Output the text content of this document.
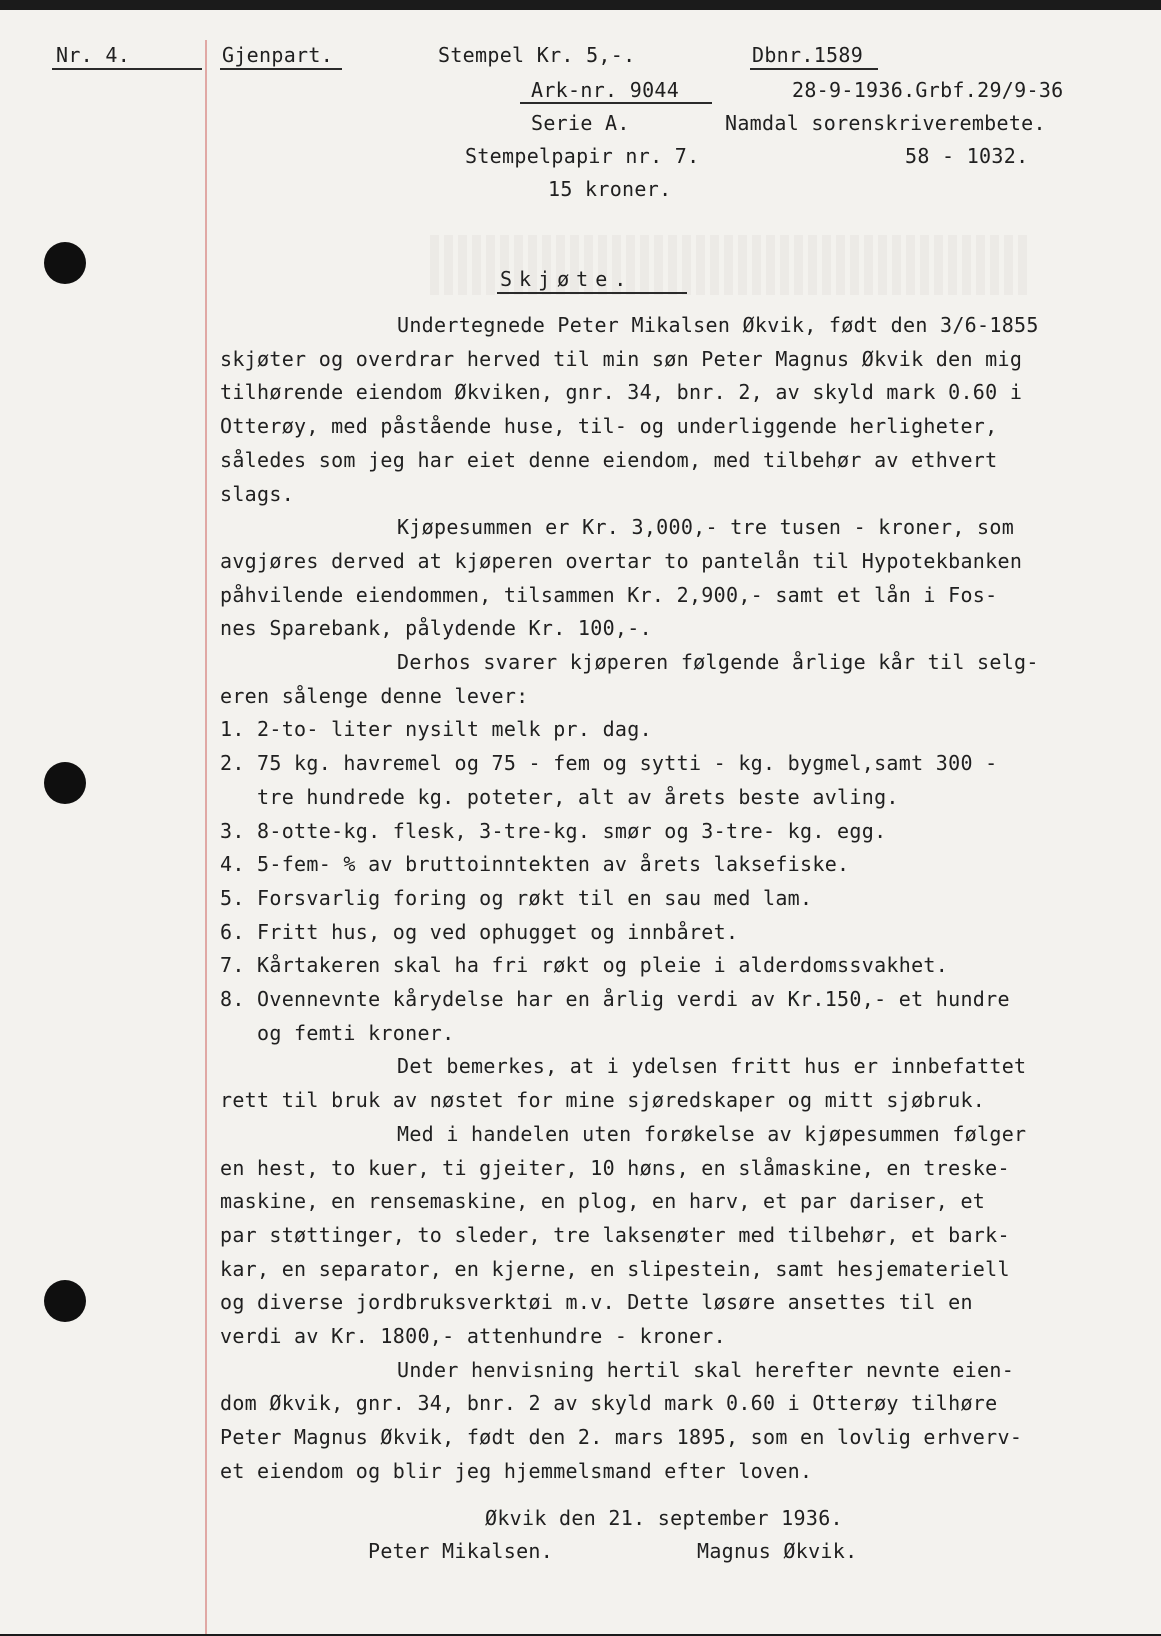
Nr. 4.	Gjenpart.	Stempel Kr. 5,-.	Dbnr.1589
Ark-nr. 9044	28-9-1936.Grbf.29/9-36
Serie A.	Namdal sorenskriverembete.
Stempelpapir nr. 7.	58 - 1032.
15 kroner.
Skjøte.
Undertegnede Peter Mikalsen Økvik, født den 3/6-1855
skjøter og overdrar herved til min søn Peter Magnus Økvik den mig
tilhørende eiendom Økviken, gnr. 34, bnr. 2, av skyld mark 0.60 i
Otterøy, med påstående huse, til- og underliggende herligheter,
således som jeg har eiet denne eiendom, med tilbehør av ethvert
slags.
Kjøpesummen er Kr. 3,000,- tre tusen - kroner, som
avgjøres derved at kjøperen overtar to pantelån til Hypotekbanken
påhvilende eiendommen, tilsammen Kr. 2,900,- samt et lån i Fos-
nes Sparebank, pålydende Kr. 100,-.
Derhos svarer kjøperen følgende årlige kår til selg-
eren sålenge denne lever:
1. 2-to- liter nysilt melk pr. dag.
2. 75 kg. havremel og 75 - fem og sytti - kg. bygmel,samt 300 -
tre hundrede kg. poteter, alt av årets beste avling.
3. 8-otte-kg. flesk, 3-tre-kg. smør og 3-tre- kg. egg.
4. 5-fem- % av bruttoinntekten av årets laksefiske.
5. Forsvarlig foring og røkt til en sau med lam.
6. Fritt hus, og ved ophugget og innbåret.
7. Kårtakeren skal ha fri røkt og pleie i alderdomssvakhet.
8. Ovennevnte kårydelse har en årlig verdi av Kr.150,- et hundre
og femti kroner.
Det bemerkes, at i ydelsen fritt hus er innbefattet
rett til bruk av nøstet for mine sjøredskaper og mitt sjøbruk.
Med i handelen uten forøkelse av kjøpesummen følger
en hest, to kuer, ti gjeiter, 10 høns, en slåmaskine, en treske-
maskine, en rensemaskine, en plog, en harv, et par dariser, et
par støttinger, to sleder, tre laksenøter med tilbehør, et bark-
kar, en separator, en kjerne, en slipestein, samt hesjemateriell
og diverse jordbruksverktøi m.v. Dette løsøre ansettes til en
verdi av Kr. 1800,- attenhundre - kroner.
Under henvisning hertil skal herefter nevnte eien-
dom Økvik, gnr. 34, bnr. 2 av skyld mark 0.60 i Otterøy tilhøre
Peter Magnus Økvik, født den 2. mars 1895, som en lovlig erhverv-
et eiendom og blir jeg hjemmelsmand efter loven.
Økvik den 21. september 1936.
Peter Mikalsen.	Magnus Økvik.
